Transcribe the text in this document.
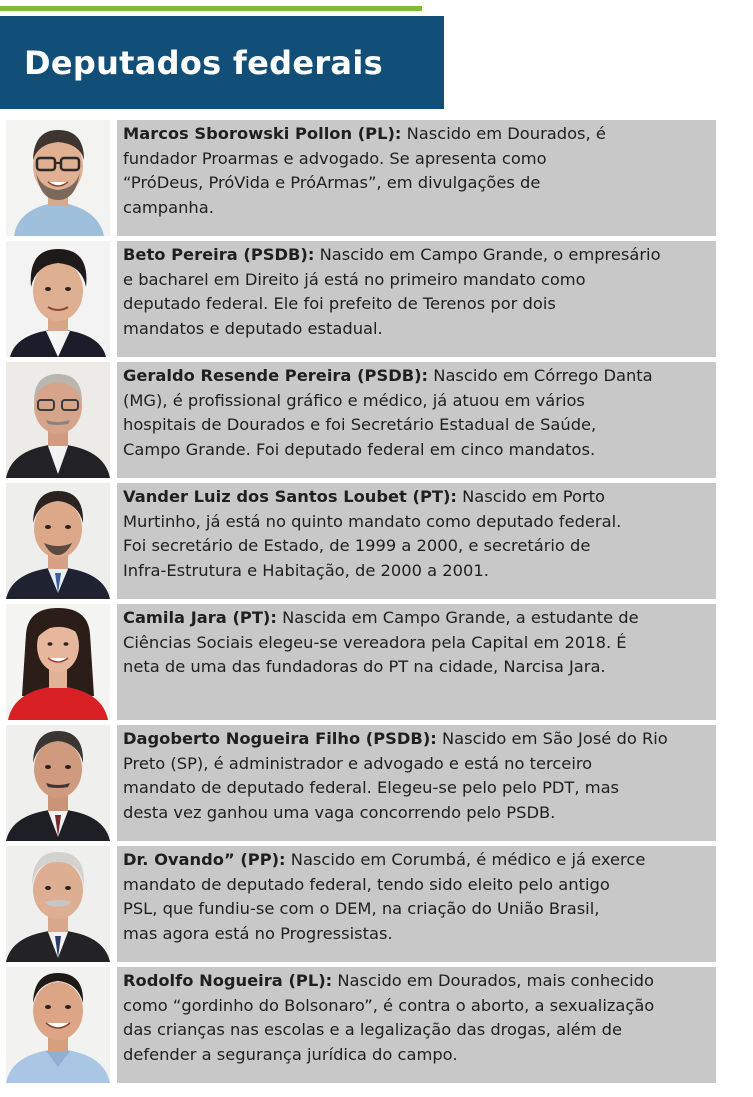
Deputados federais
Marcos Sborowski Pollon (PL): Nascido em Dourados, é
fundador Proarmas e advogado. Se apresenta como
“PróDeus, PróVida e PróArmas”, em divulgações de
campanha.
Beto Pereira (PSDB): Nascido em Campo Grande, o empresário
e bacharel em Direito já está no primeiro mandato como
deputado federal. Ele foi prefeito de Terenos por dois
mandatos e deputado estadual.
Geraldo Resende Pereira (PSDB): Nascido em Córrego Danta
(MG), é profissional gráfico e médico, já atuou em vários
hospitais de Dourados e foi Secretário Estadual de Saúde,
Campo Grande. Foi deputado federal em cinco mandatos.
Vander Luiz dos Santos Loubet (PT): Nascido em Porto
Murtinho, já está no quinto mandato como deputado federal.
Foi secretário de Estado, de 1999 a 2000, e secretário de
Infra-Estrutura e Habitação, de 2000 a 2001.
Camila Jara (PT): Nascida em Campo Grande, a estudante de
Ciências Sociais elegeu-se vereadora pela Capital em 2018. É
neta de uma das fundadoras do PT na cidade, Narcisa Jara.
Dagoberto Nogueira Filho (PSDB): Nascido em São José do Rio
Preto (SP), é administrador e advogado e está no terceiro
mandato de deputado federal. Elegeu-se pelo pelo PDT, mas
desta vez ganhou uma vaga concorrendo pelo PSDB.
Dr. Ovando” (PP): Nascido em Corumbá, é médico e já exerce
mandato de deputado federal, tendo sido eleito pelo antigo
PSL, que fundiu-se com o DEM, na criação do União Brasil,
mas agora está no Progressistas.
Rodolfo Nogueira (PL): Nascido em Dourados, mais conhecido
como “gordinho do Bolsonaro”, é contra o aborto, a sexualização
das crianças nas escolas e a legalização das drogas, além de
defender a segurança jurídica do campo.
